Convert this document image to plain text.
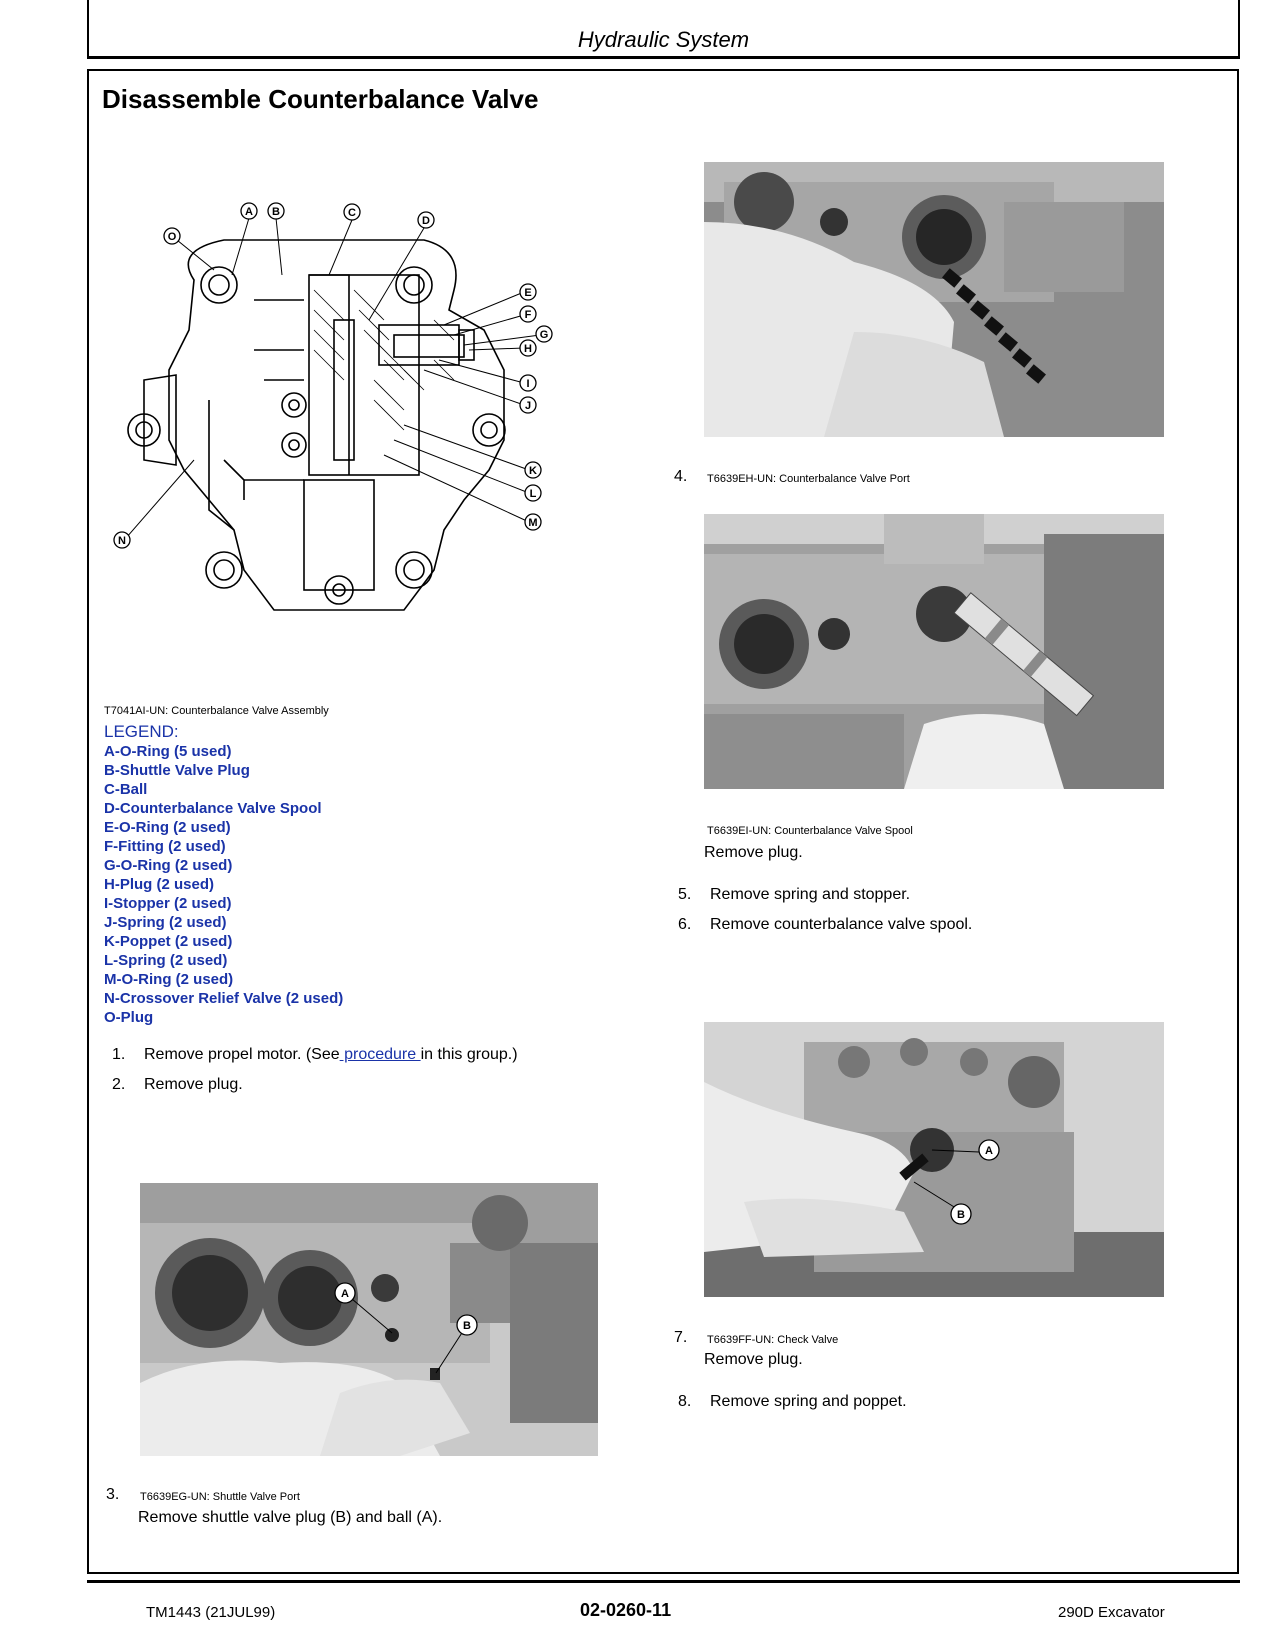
Hydraulic System
Disassemble Counterbalance Valve
A B	C
D
O
E
F
G
H
I
J
K
L
M
N
T7041AI-UN: Counterbalance Valve Assembly
LEGEND:
A-O-Ring (5 used)
B-Shuttle Valve Plug
C-Ball
D-Counterbalance Valve Spool
E-O-Ring (2 used)
F-Fitting (2 used)
G-O-Ring (2 used)
H-Plug (2 used)
I-Stopper (2 used)
J-Spring (2 used)
K-Poppet (2 used)
L-Spring (2 used)
M-O-Ring (2 used)
N-Crossover Relief Valve (2 used)
O-Plug
1. Remove propel motor. (See procedure in this group.)
2. Remove plug.
A
B
3. T6639EG-UN: Shuttle Valve Port
Remove shuttle valve plug (B) and ball (A).
4. T6639EH-UN: Counterbalance Valve Port
T6639EI-UN: Counterbalance Valve Spool
Remove plug.
5. Remove spring and stopper.
6. Remove counterbalance valve spool.
A
B
7. T6639FF-UN: Check Valve
Remove plug.
8. Remove spring and poppet.
TM1443 (21JUL99)	02-0260-11	290D Excavator
